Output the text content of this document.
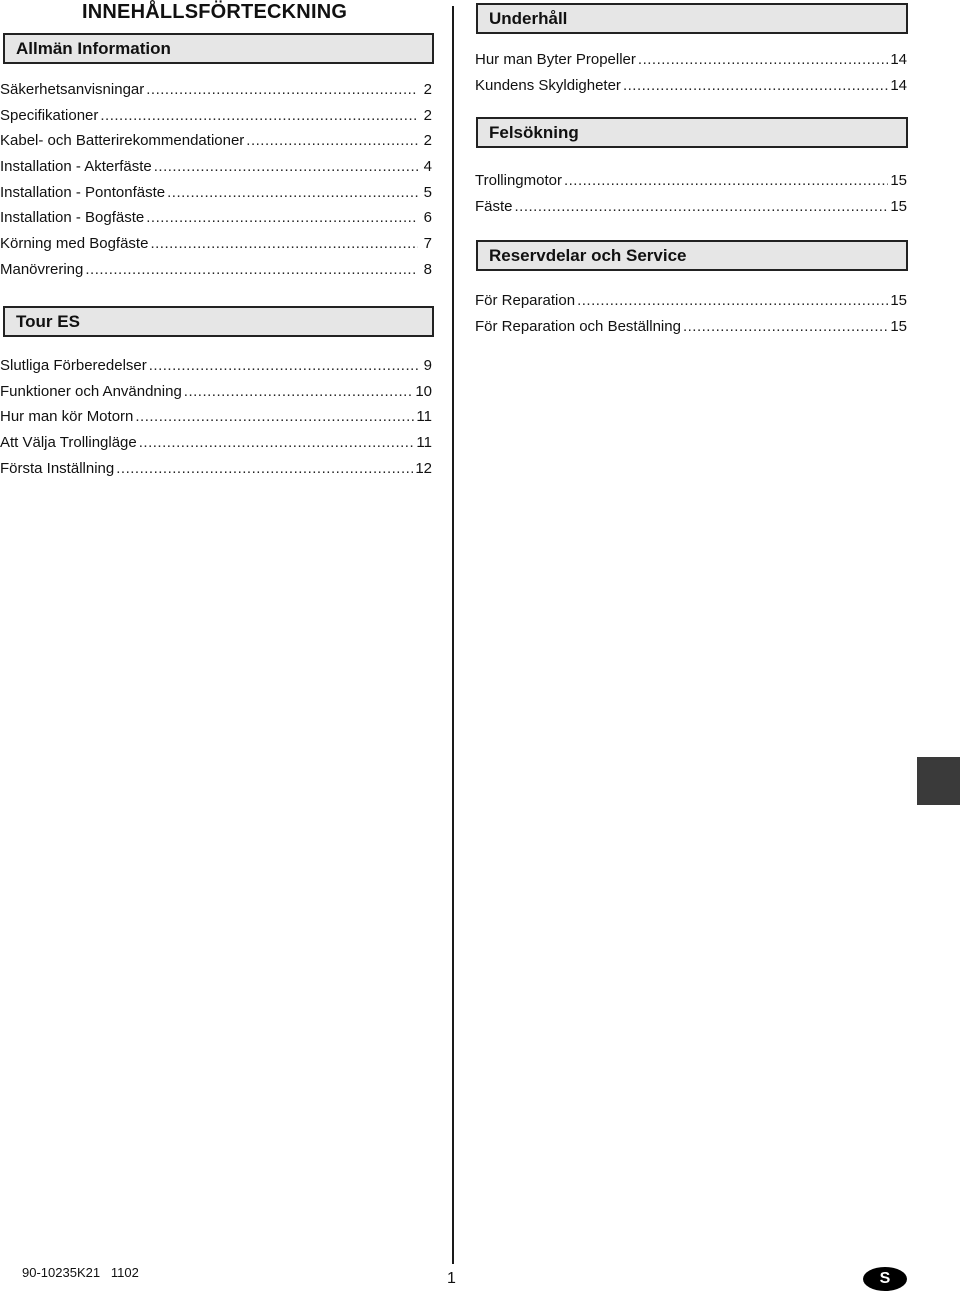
INNEHÅLLSFÖRTECKNING
Allmän Information
Säkerhetsanvisningar .....	2
Specifikationer .....	2
Kabel- och Batterirekommendationer .....	2
Installation - Akterfäste .....	4
Installation - Pontonfäste .....	5
Installation - Bogfäste .....	6
Körning med Bogfäste .....	7
Manövrering .....	8
Tour ES
Slutliga Förberedelser .....	9
Funktioner och Användning .....	10
Hur man kör Motorn .....	11
Att Välja Trollingläge .....	11
Första Inställning .....	12
Underhåll
Hur man Byter Propeller .....	14
Kundens Skyldigheter .....	14
Felsökning
Trollingmotor .....	15
Fäste .....	15
Reservdelar och Service
För Reparation .....	15
För Reparation och Beställning .....	15
90-10235K21 1102	1	S
